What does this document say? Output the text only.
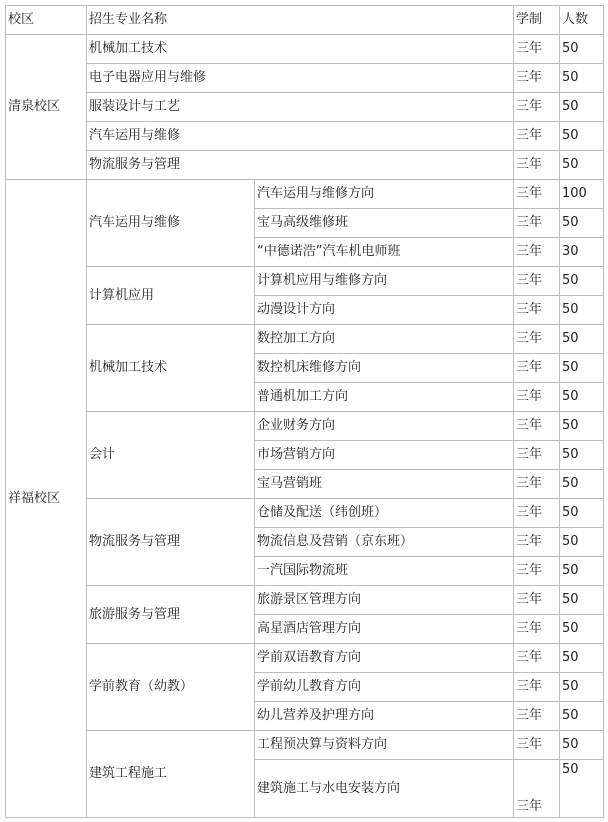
校区	招生专业名称		学制	人数
清泉校区	机械加工技术		三年	50
	电子电器应用与维修		三年	50
	服装设计与工艺		三年	50
	汽车运用与维修		三年	50
	物流服务与管理		三年	50
祥福校区	汽车运用与维修	汽车运用与维修方向	三年	100
		宝马高级维修班	三年	50
		“中德诺浩”汽车机电师班	三年	30
	计算机应用	计算机应用与维修方向	三年	50
		动漫设计方向	三年	50
	机械加工技术	数控加工方向	三年	50
		数控机床维修方向	三年	50
		普通机加工方向	三年	50
	会计	企业财务方向	三年	50
		市场营销方向	三年	50
		宝马营销班	三年	50
	物流服务与管理	仓储及配送（纬创班）	三年	50
		物流信息及营销（京东班）	三年	50
		一汽国际物流班	三年	50
	旅游服务与管理	旅游景区管理方向	三年	50
		高星酒店管理方向	三年	50
	学前教育（幼教）	学前双语教育方向	三年	50
		学前幼儿教育方向	三年	50
		幼儿营养及护理方向	三年	50
	建筑工程施工	工程预决算与资料方向	三年	50
		建筑施工与水电安装方向	三年	50
